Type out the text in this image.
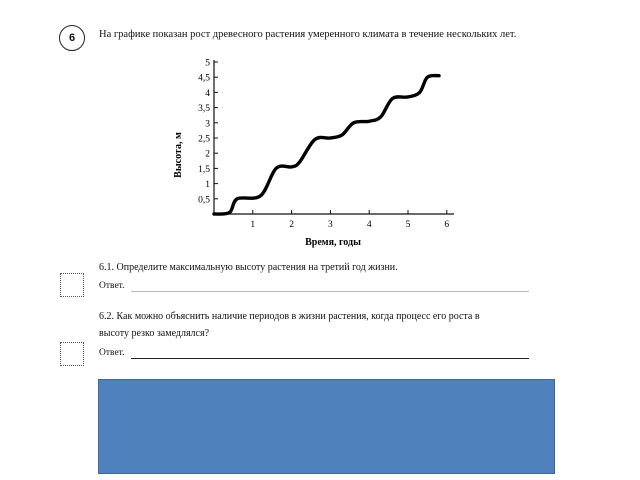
6	На графике показан рост древесного растения умеренного климата в течение нескольких лет.
1	2	3	4	5	6
0,5
1
1,5
2
2,5
3
3,5
4
4,5
5
Высота, м
Время, годы
6.1. Определите максимальную высоту растения на третий год жизни.
Ответ.
6.2. Как можно объяснить наличие периодов в жизни растения, когда процесс его роста в
высоту резко замедлялся?
Ответ.
